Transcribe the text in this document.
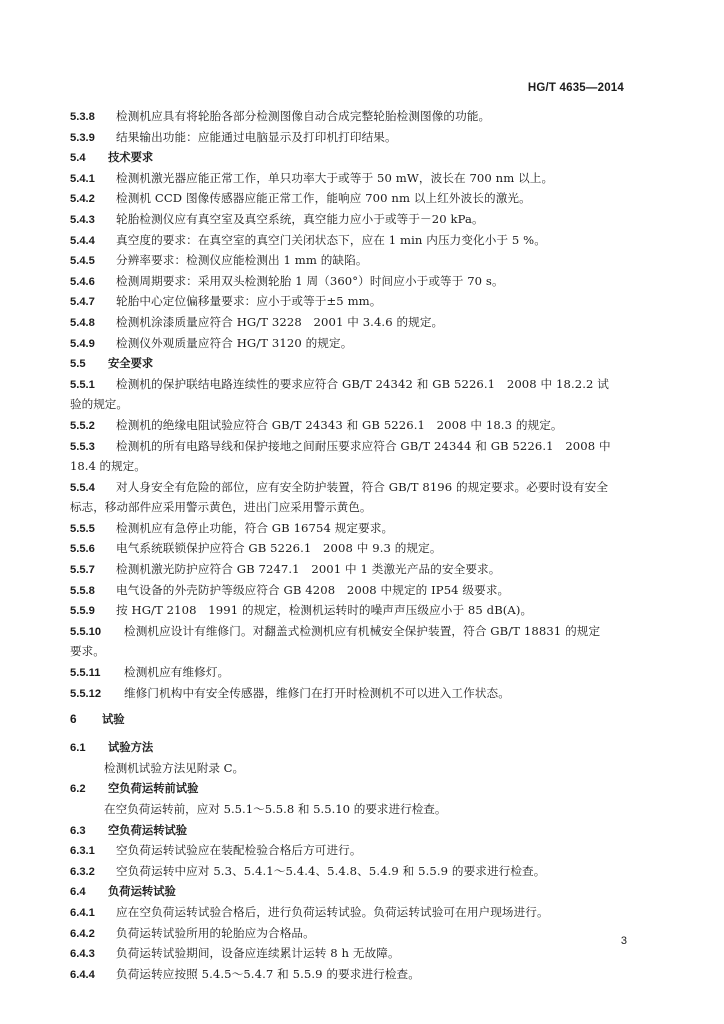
HG/T 4635—2014
5.3.8 检测机应具有将轮胎各部分检测图像自动合成完整轮胎检测图像的功能。
5.3.9 结果输出功能：应能通过电脑显示及打印机打印结果。
5.4 技术要求
5.4.1 检测机激光器应能正常工作，单只功率大于或等于 50 mW，波长在 700 nm 以上。
5.4.2 检测机 CCD 图像传感器应能正常工作，能响应 700 nm 以上红外波长的激光。
5.4.3 轮胎检测仪应有真空室及真空系统，真空能力应小于或等于－20 kPa。
5.4.4 真空度的要求：在真空室的真空门关闭状态下，应在 1 min 内压力变化小于 5 %。
5.4.5 分辨率要求：检测仪应能检测出 1 mm 的缺陷。
5.4.6 检测周期要求：采用双头检测轮胎 1 周（360°）时间应小于或等于 70 s。
5.4.7 轮胎中心定位偏移量要求：应小于或等于±5 mm。
5.4.8 检测机涂漆质量应符合 HG/T 3228　2001 中 3.4.6 的规定。
5.4.9 检测仪外观质量应符合 HG/T 3120 的规定。
5.5 安全要求
5.5.1 检测机的保护联结电路连续性的要求应符合 GB/T 24342 和 GB 5226.1　2008 中 18.2.2 试
验的规定。
5.5.2 检测机的绝缘电阻试验应符合 GB/T 24343 和 GB 5226.1　2008 中 18.3 的规定。
5.5.3 检测机的所有电路导线和保护接地之间耐压要求应符合 GB/T 24344 和 GB 5226.1　2008 中
18.4 的规定。
5.5.4 对人身安全有危险的部位，应有安全防护装置，符合 GB/T 8196 的规定要求。必要时设有安全
标志，移动部件应采用警示黄色，进出门应采用警示黄色。
5.5.5 检测机应有急停止功能，符合 GB 16754 规定要求。
5.5.6 电气系统联锁保护应符合 GB 5226.1　2008 中 9.3 的规定。
5.5.7 检测机激光防护应符合 GB 7247.1　2001 中 1 类激光产品的安全要求。
5.5.8 电气设备的外壳防护等级应符合 GB 4208　2008 中规定的 IP54 级要求。
5.5.9 按 HG/T 2108　1991 的规定，检测机运转时的噪声声压级应小于 85 dB(A)。
5.5.10 检测机应设计有维修门。对翻盖式检测机应有机械安全保护装置，符合 GB/T 18831 的规定
要求。
5.5.11 检测机应有维修灯。
5.5.12 维修门机构中有安全传感器，维修门在打开时检测机不可以进入工作状态。
6 试验
6.1 试验方法
检测机试验方法见附录 C。
6.2 空负荷运转前试验
在空负荷运转前，应对 5.5.1～5.5.8 和 5.5.10 的要求进行检查。
6.3 空负荷运转试验
6.3.1 空负荷运转试验应在装配检验合格后方可进行。
6.3.2 空负荷运转中应对 5.3、5.4.1～5.4.4、5.4.8、5.4.9 和 5.5.9 的要求进行检查。
6.4 负荷运转试验
6.4.1 应在空负荷运转试验合格后，进行负荷运转试验。负荷运转试验可在用户现场进行。
6.4.2 负荷运转试验所用的轮胎应为合格品。
6.4.3 负荷运转试验期间，设备应连续累计运转 8 h 无故障。
6.4.4 负荷运转应按照 5.4.5～5.4.7 和 5.5.9 的要求进行检查。
3
